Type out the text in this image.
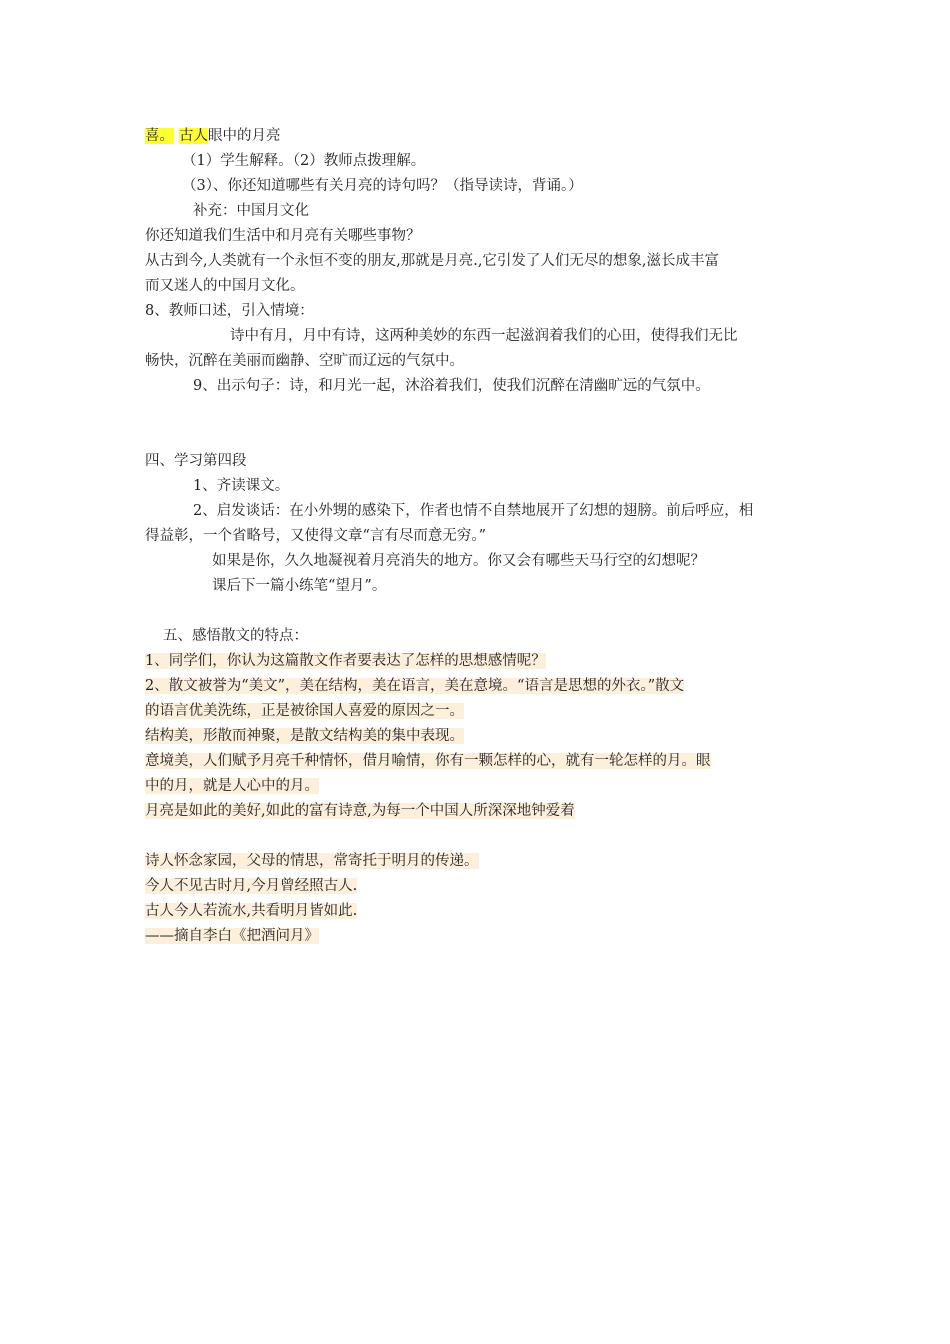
喜。 古人眼中的月亮
（1）学生解释。（2）教师点拨理解。
（3）、你还知道哪些有关月亮的诗句吗？（指导读诗，背诵。）
补充：中国月文化
你还知道我们生活中和月亮有关哪些事物？
从古到今,人类就有一个永恒不变的朋友,那就是月亮.,它引发了人们无尽的想象,滋长成丰富
而又迷人的中国月文化。
8、教师口述，引入情境：
诗中有月，月中有诗，这两种美妙的东西一起滋润着我们的心田，使得我们无比
畅快，沉醉在美丽而幽静、空旷而辽远的气氛中。
9、出示句子：诗，和月光一起，沐浴着我们，使我们沉醉在清幽旷远的气氛中。
四、学习第四段
1、齐读课文。
2、启发谈话：在小外甥的感染下，作者也情不自禁地展开了幻想的翅膀。前后呼应，相
得益彰，一个省略号，又使得文章“言有尽而意无穷。”
如果是你，久久地凝视着月亮消失的地方。你又会有哪些天马行空的幻想呢？
课后下一篇小练笔“望月”。
五、感悟散文的特点：
1、同学们，你认为这篇散文作者要表达了怎样的思想感情呢？
2、散文被誉为“美文”，美在结构，美在语言，美在意境。“语言是思想的外衣。”散文
的语言优美洗练，正是被徐国人喜爱的原因之一。
结构美，形散而神聚，是散文结构美的集中表现。
意境美，人们赋予月亮千种情怀，借月喻情，你有一颗怎样的心，就有一轮怎样的月。眼
中的月，就是人心中的月。
月亮是如此的美好,如此的富有诗意,为每一个中国人所深深地钟爱着
诗人怀念家园，父母的情思，常寄托于明月的传递。
今人不见古时月,今月曾经照古人.
古人今人若流水,共看明月皆如此.
——摘自李白《把酒问月》
